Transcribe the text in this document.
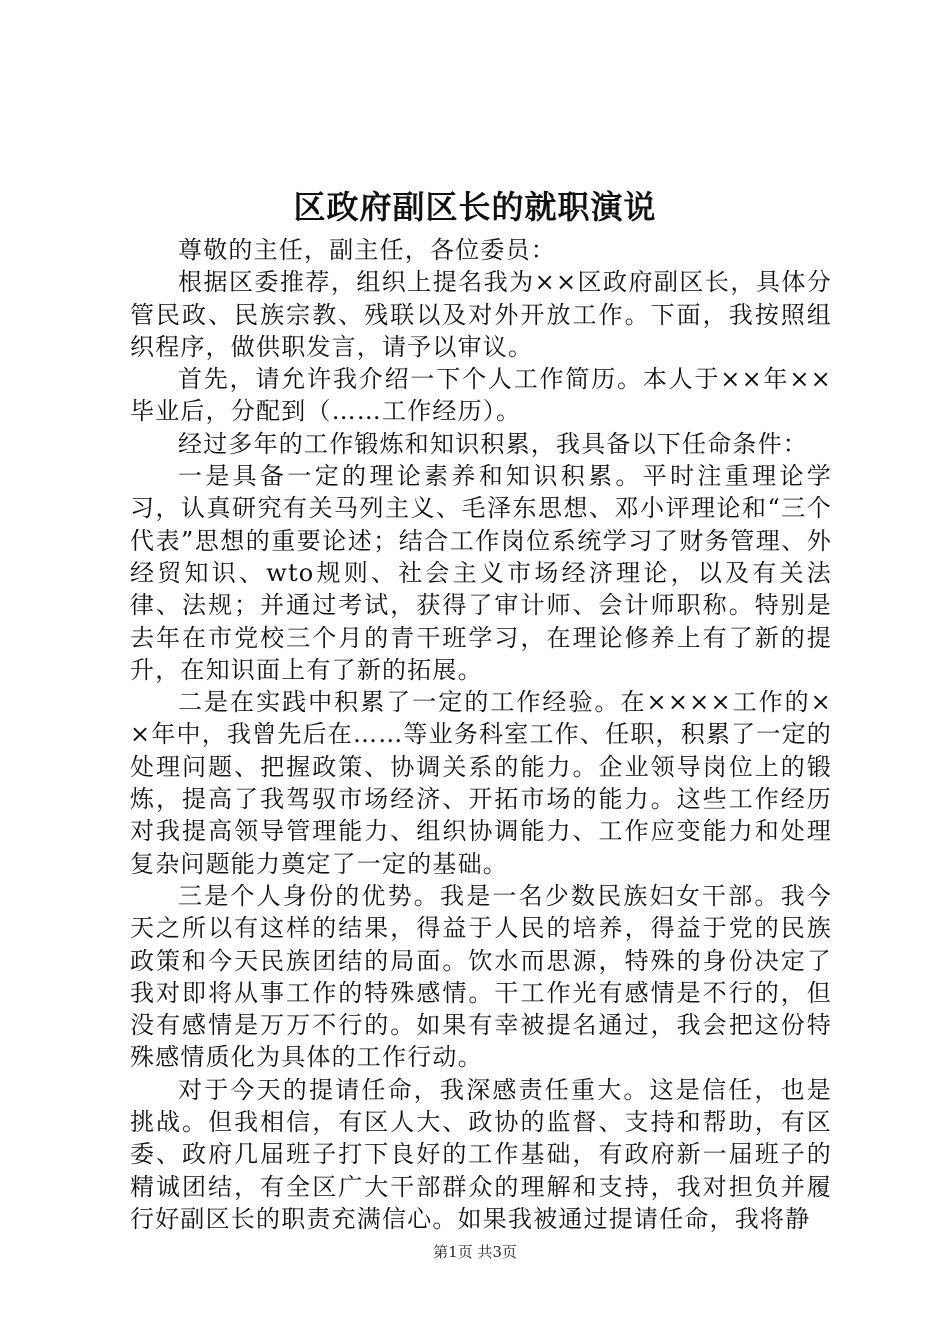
区政府副区长的就职演说

尊敬的主任，副主任，各位委员：

根据区委推荐，组织上提名我为××区政府副区长，具体分管民政、民族宗教、残联以及对外开放工作。下面，我按照组织程序，做供职发言，请予以审议。

首先，请允许我介绍一下个人工作简历。本人于××年××毕业后，分配到（……工作经历）。

经过多年的工作锻炼和知识积累，我具备以下任命条件：

一是具备一定的理论素养和知识积累。平时注重理论学习，认真研究有关马列主义、毛泽东思想、邓小评理论和“三个代表”思想的重要论述；结合工作岗位系统学习了财务管理、外经贸知识、wto规则、社会主义市场经济理论，以及有关法律、法规；并通过考试，获得了审计师、会计师职称。特别是去年在市党校三个月的青干班学习，在理论修养上有了新的提升，在知识面上有了新的拓展。

二是在实践中积累了一定的工作经验。在××××工作的××年中，我曾先后在……等业务科室工作、任职，积累了一定的处理问题、把握政策、协调关系的能力。企业领导岗位上的锻炼，提高了我驾驭市场经济、开拓市场的能力。这些工作经历对我提高领导管理能力、组织协调能力、工作应变能力和处理复杂问题能力奠定了一定的基础。

三是个人身份的优势。我是一名少数民族妇女干部。我今天之所以有这样的结果，得益于人民的培养，得益于党的民族政策和今天民族团结的局面。饮水而思源，特殊的身份决定了我对即将从事工作的特殊感情。干工作光有感情是不行的，但没有感情是万万不行的。如果有幸被提名通过，我会把这份特殊感情质化为具体的工作行动。

对于今天的提请任命，我深感责任重大。这是信任，也是挑战。但我相信，有区人大、政协的监督、支持和帮助，有区委、政府几届班子打下良好的工作基础，有政府新一届班子的精诚团结，有全区广大干部群众的理解和支持，我对担负并履行好副区长的职责充满信心。如果我被通过提请任命，我将静

第1页 共3页
